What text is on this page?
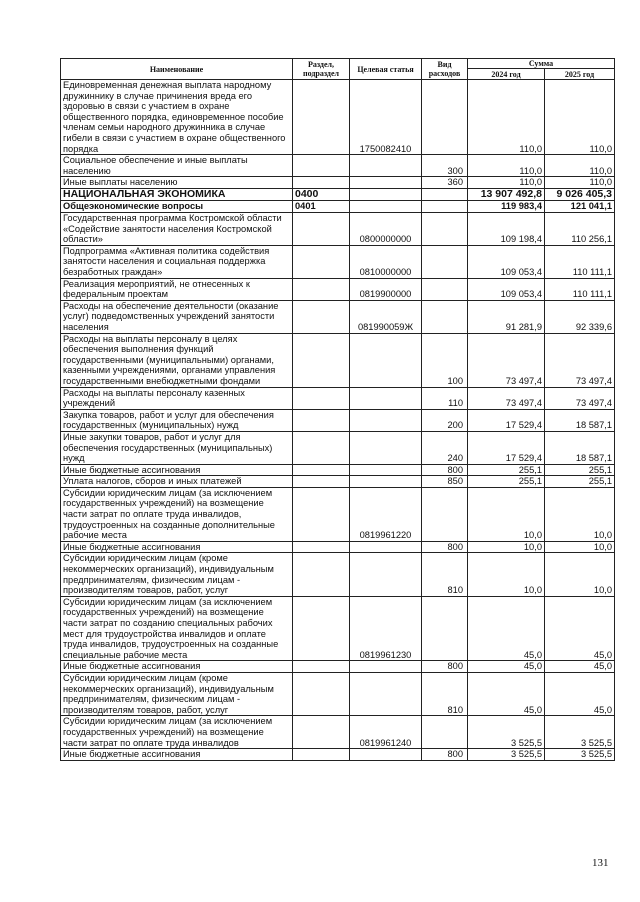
Наименование	Раздел, подраздел	Целевая статья	Вид расходов	Сумма	
				2024 год	2025 год
Единовременная денежная выплата народному дружиннику в случае причинения вреда его здоровью в связи с участием в охране общественного порядка, единовременное пособие членам семьи народного дружинника в случае гибели в связи с участием в охране общественного порядка		1750082410		110,0	110,0
Социальное обеспечение и иные выплаты населению			300	110,0	110,0
Иные выплаты населению			360	110,0	110,0
НАЦИОНАЛЬНАЯ ЭКОНОМИКА	0400			13 907 492,8	9 026 405,3
Общеэкономические вопросы	0401			119 983,4	121 041,1
Государственная программа Костромской области «Содействие занятости населения Костромской области»		0800000000		109 198,4	110 256,1
Подпрограмма «Активная политика содействия занятости населения и социальная поддержка безработных граждан»		0810000000		109 053,4	110 111,1
Реализация мероприятий, не отнесенных к федеральным проектам		0819900000		109 053,4	110 111,1
Расходы на обеспечение деятельности (оказание услуг) подведомственных учреждений занятости населения		081990059Ж		91 281,9	92 339,6
Расходы на выплаты персоналу в целях обеспечения выполнения функций государственными (муниципальными) органами, казенными учреждениями, органами управления государственными внебюджетными фондами			100	73 497,4	73 497,4
Расходы на выплаты персоналу казенных учреждений			110	73 497,4	73 497,4
Закупка товаров, работ и услуг для обеспечения государственных (муниципальных) нужд			200	17 529,4	18 587,1
Иные закупки товаров, работ и услуг для обеспечения государственных (муниципальных) нужд			240	17 529,4	18 587,1
Иные бюджетные ассигнования			800	255,1	255,1
Уплата налогов, сборов и иных платежей			850	255,1	255,1
Субсидии юридическим лицам (за исключением государственных учреждений) на возмещение части затрат по оплате труда инвалидов, трудоустроенных на созданные дополнительные рабочие места		0819961220		10,0	10,0
Иные бюджетные ассигнования			800	10,0	10,0
Субсидии юридическим лицам (кроме некоммерческих организаций), индивидуальным предпринимателям, физическим лицам - производителям товаров, работ, услуг			810	10,0	10,0
Субсидии юридическим лицам (за исключением государственных учреждений) на возмещение части затрат по созданию специальных рабочих мест для трудоустройства инвалидов и оплате труда инвалидов, трудоустроенных на созданные специальные рабочие места		0819961230		45,0	45,0
Иные бюджетные ассигнования			800	45,0	45,0
Субсидии юридическим лицам (кроме некоммерческих организаций), индивидуальным предпринимателям, физическим лицам - производителям товаров, работ, услуг			810	45,0	45,0
Субсидии юридическим лицам (за исключением государственных учреждений) на возмещение части затрат по оплате труда инвалидов		0819961240		3 525,5	3 525,5
Иные бюджетные ассигнования			800	3 525,5	3 525,5
131
